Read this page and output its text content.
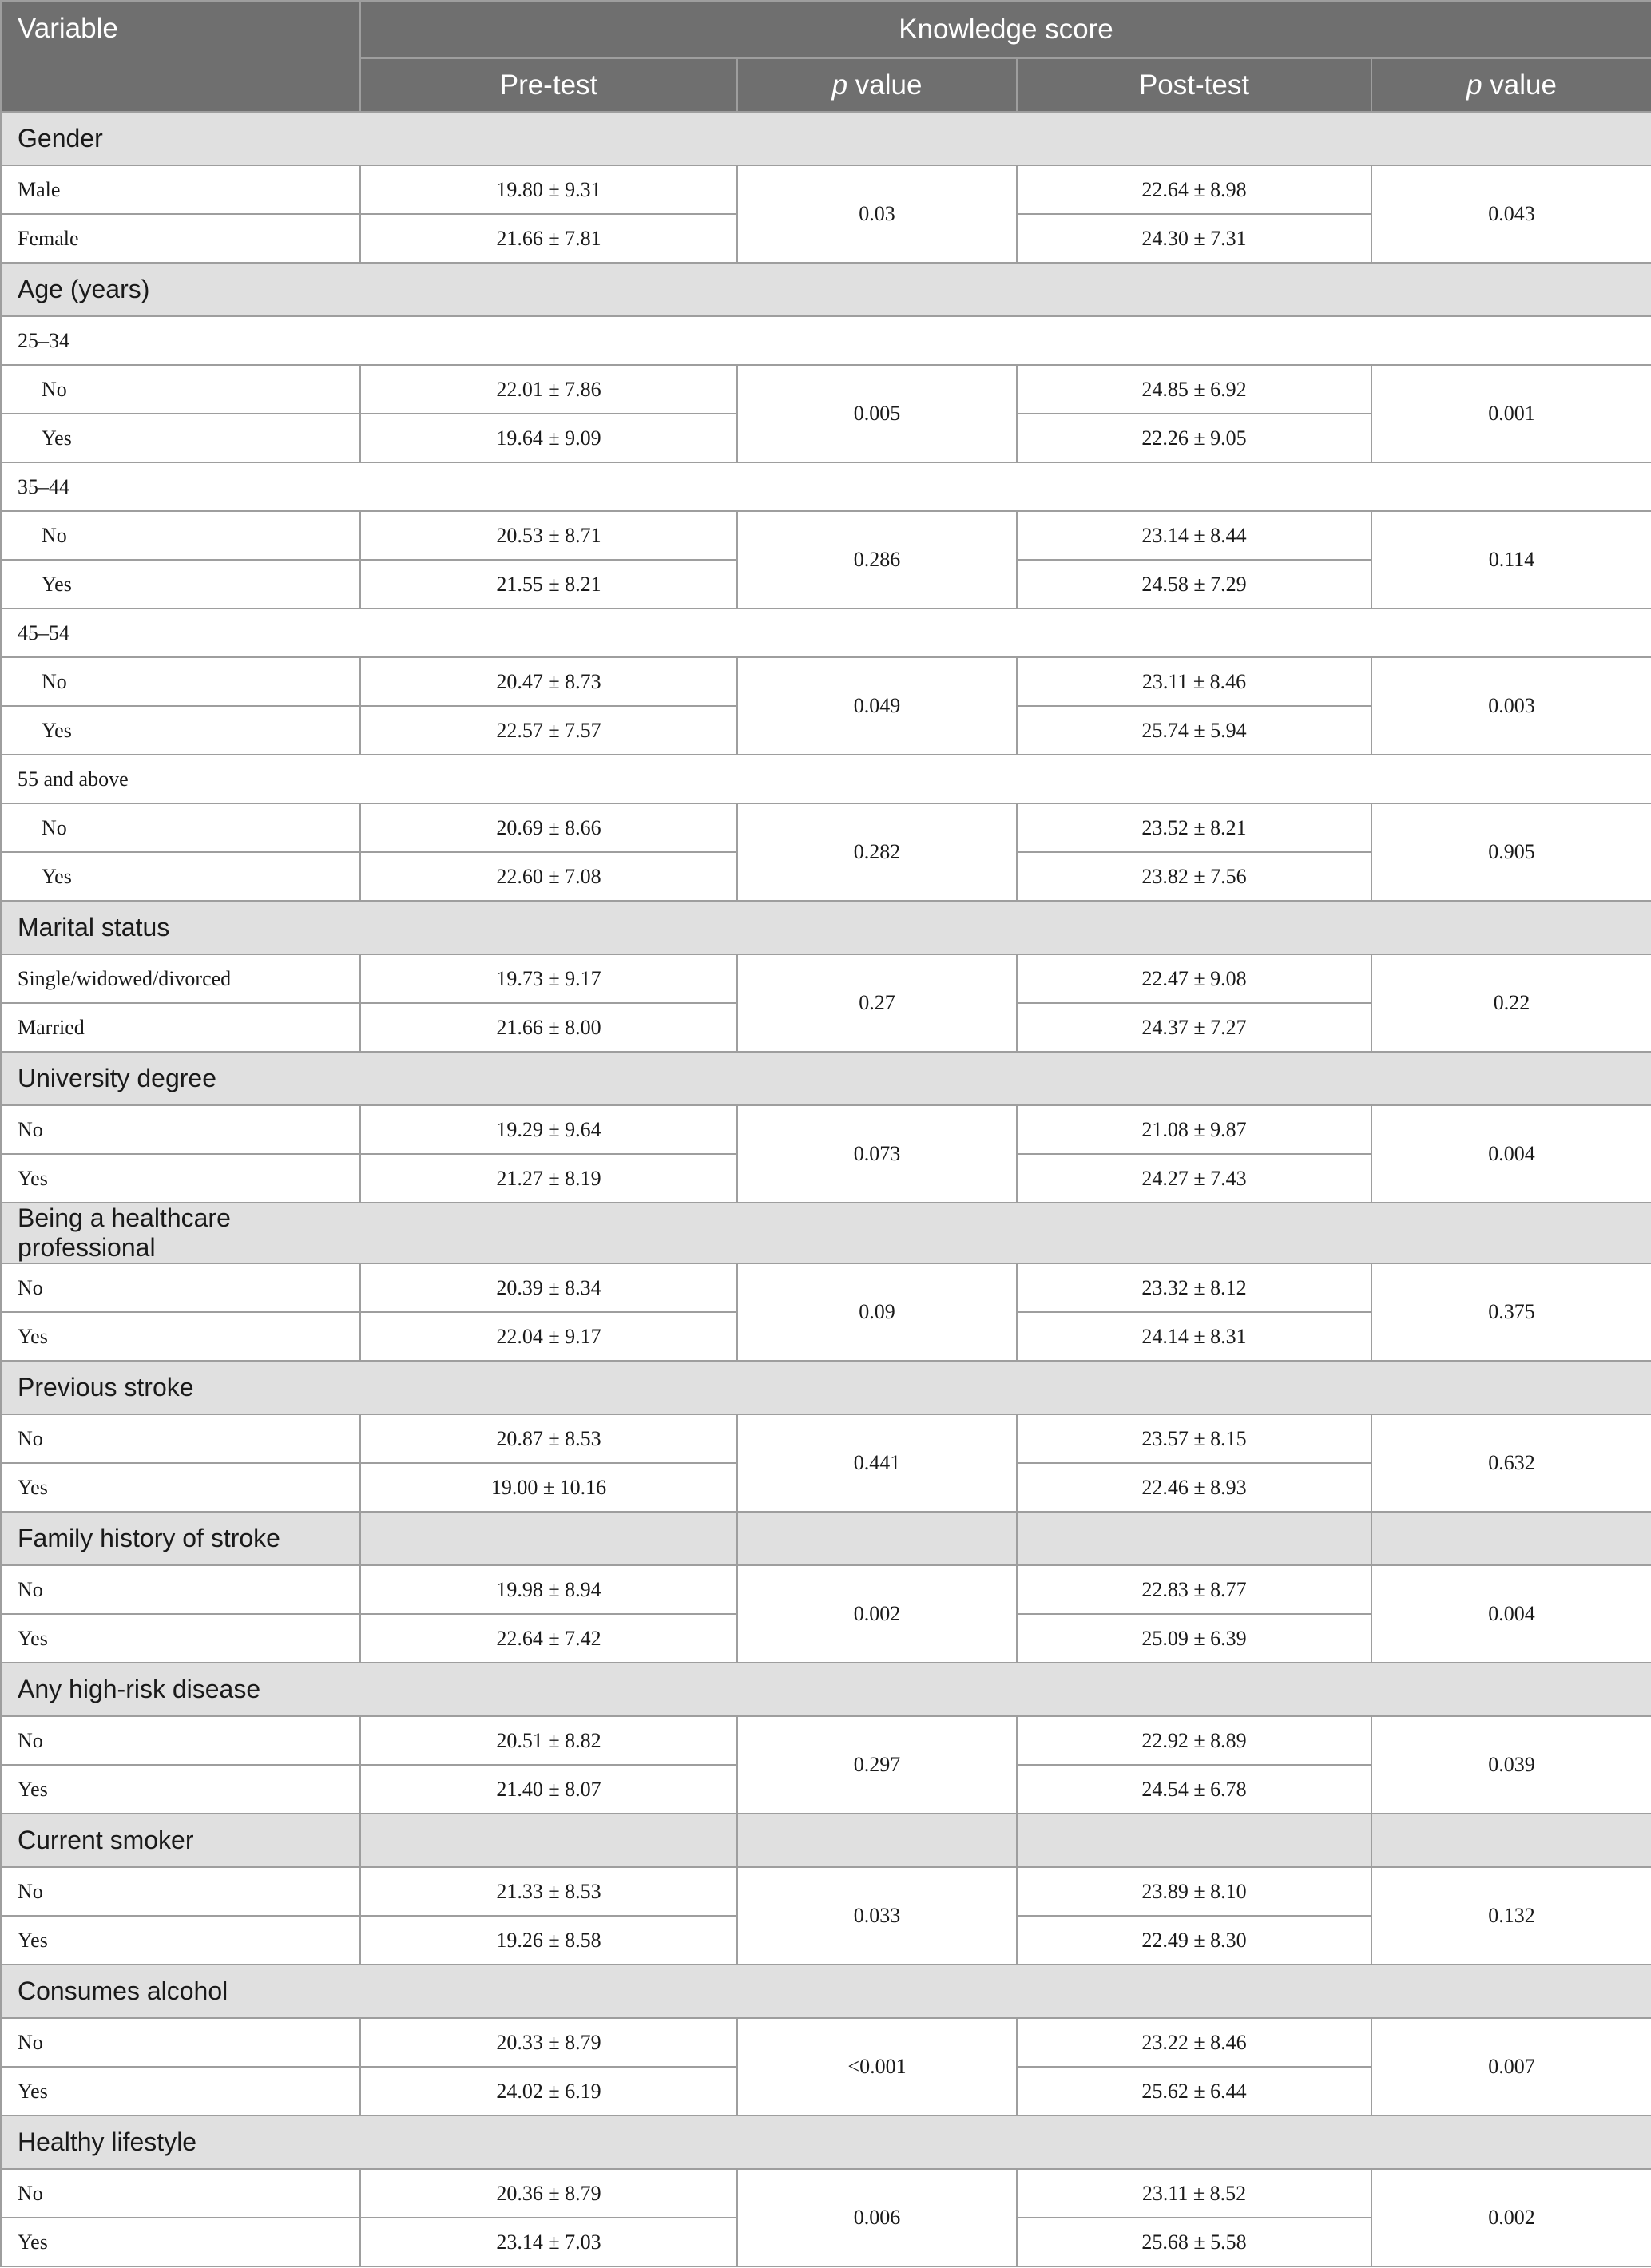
Variable	Knowledge score			
	Pre-test	p value	Post-test	p value
Gender				
Male	19.80 ± 9.31	0.03	22.64 ± 8.98	0.043
Female	21.66 ± 7.81		24.30 ± 7.31	
Age (years)				
25–34				
No	22.01 ± 7.86	0.005	24.85 ± 6.92	0.001
Yes	19.64 ± 9.09		22.26 ± 9.05	
35–44				
No	20.53 ± 8.71	0.286	23.14 ± 8.44	0.114
Yes	21.55 ± 8.21		24.58 ± 7.29	
45–54				
No	20.47 ± 8.73	0.049	23.11 ± 8.46	0.003
Yes	22.57 ± 7.57		25.74 ± 5.94	
55 and above				
No	20.69 ± 8.66	0.282	23.52 ± 8.21	0.905
Yes	22.60 ± 7.08		23.82 ± 7.56	
Marital status				
Single/widowed/divorced	19.73 ± 9.17	0.27	22.47 ± 9.08	0.22
Married	21.66 ± 8.00		24.37 ± 7.27	
University degree				
No	19.29 ± 9.64	0.073	21.08 ± 9.87	0.004
Yes	21.27 ± 8.19		24.27 ± 7.43	
Being a healthcare professional				
No	20.39 ± 8.34	0.09	23.32 ± 8.12	0.375
Yes	22.04 ± 9.17		24.14 ± 8.31	
Previous stroke				
No	20.87 ± 8.53	0.441	23.57 ± 8.15	0.632
Yes	19.00 ± 10.16		22.46 ± 8.93	
Family history of stroke				
No	19.98 ± 8.94	0.002	22.83 ± 8.77	0.004
Yes	22.64 ± 7.42		25.09 ± 6.39	
Any high-risk disease				
No	20.51 ± 8.82	0.297	22.92 ± 8.89	0.039
Yes	21.40 ± 8.07		24.54 ± 6.78	
Current smoker				
No	21.33 ± 8.53	0.033	23.89 ± 8.10	0.132
Yes	19.26 ± 8.58		22.49 ± 8.30	
Consumes alcohol				
No	20.33 ± 8.79	<0.001	23.22 ± 8.46	0.007
Yes	24.02 ± 6.19		25.62 ± 6.44	
Healthy lifestyle				
No	20.36 ± 8.79	0.006	23.11 ± 8.52	0.002
Yes	23.14 ± 7.03		25.68 ± 5.58	
